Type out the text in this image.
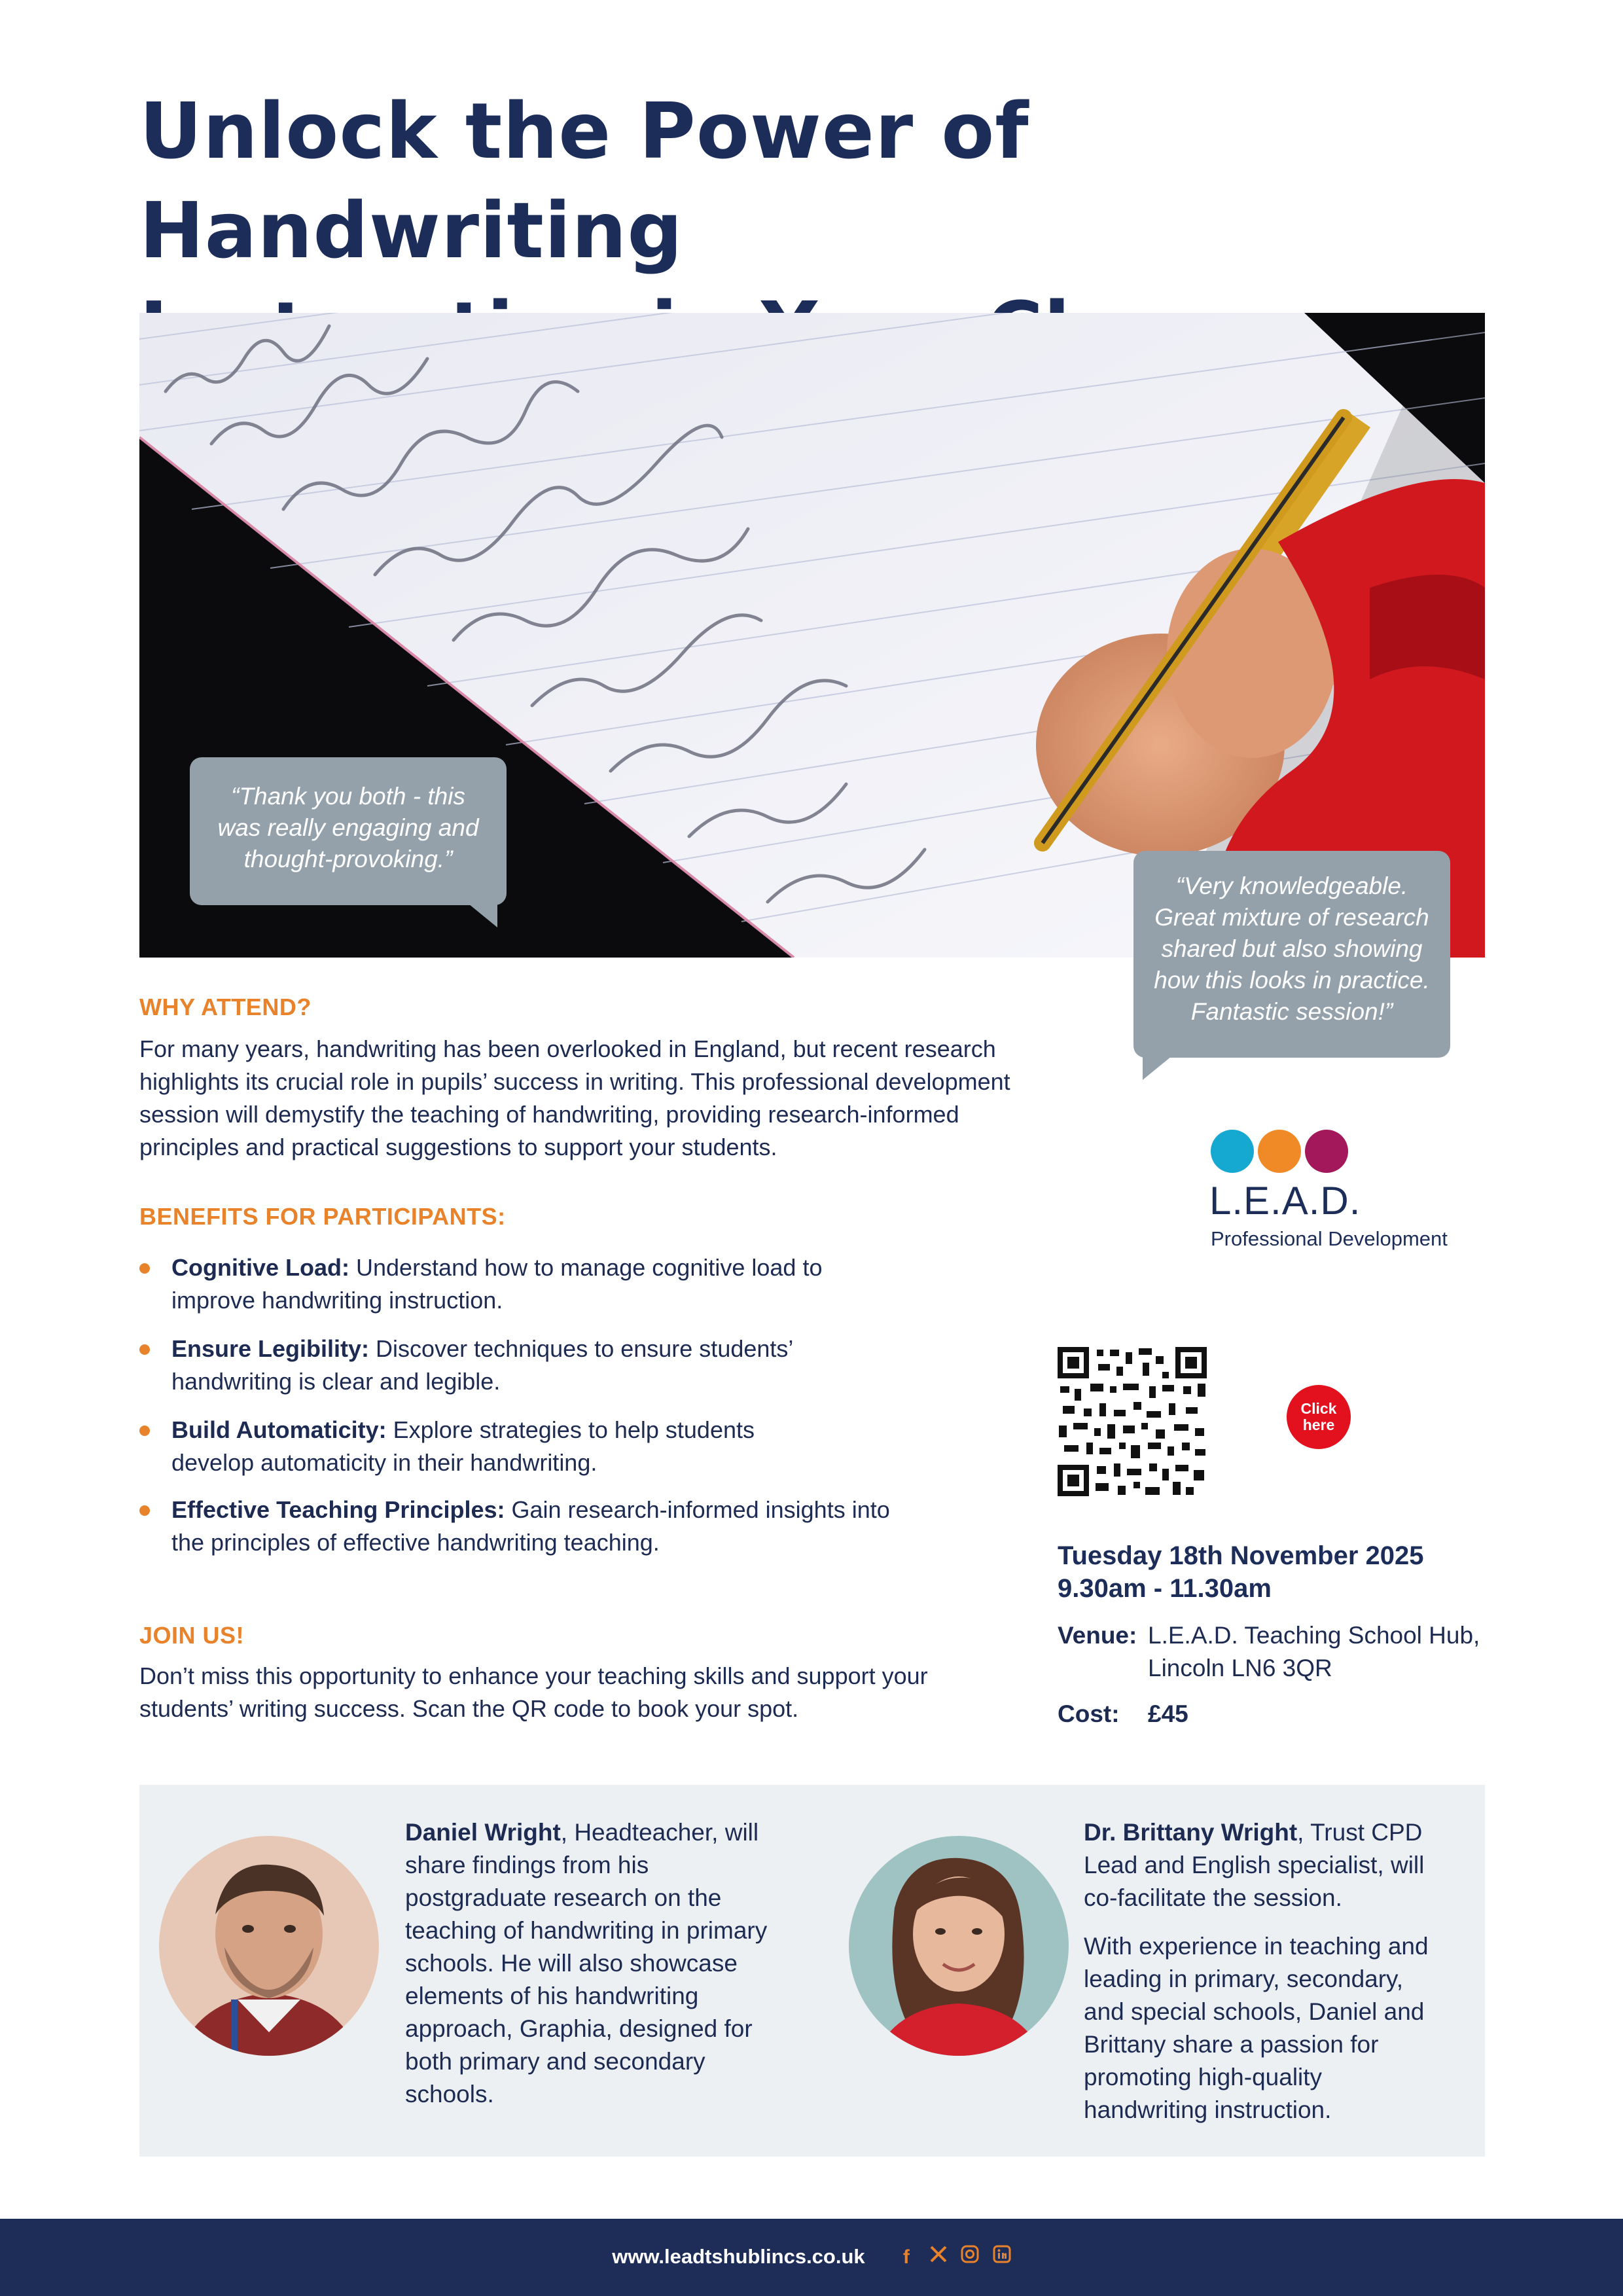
Unlock the Power of Handwriting

“Thank you both - this was really engaging and thought-provoking.”
“Very knowledgeable. Great mixture of research shared but also showing how this looks in practice. Fantastic session!”
WHY ATTEND?
For many years, handwriting has been overlooked in England, but recent research highlights its crucial role in pupils’ success in writing. This professional development session will demystify the teaching of handwriting, providing research-informed principles and practical suggestions to support your students.
BENEFITS FOR PARTICIPANTS:
Cognitive Load: Understand how to manage cognitive load to improve handwriting instruction.
Ensure Legibility: Discover techniques to ensure students’ handwriting is clear and legible.
Build Automaticity: Explore strategies to help students develop automaticity in their handwriting.
Effective Teaching Principles: Gain research-informed insights into the principles of effective handwriting teaching.
JOIN US!
Don’t miss this opportunity to enhance your teaching skills and support your students’ writing success. Scan the QR code to book your spot.
L.E.A.D.
Professional Development
Click
here
Tuesday 18th November 2025
9.30am - 11.30am
Venue: L.E.A.D. Teaching School Hub,
Lincoln LN6 3QR
Cost: £45
Daniel Wright, Headteacher, will share findings from his postgraduate research on the teaching of handwriting in primary schools. He will also showcase elements of his handwriting approach, Graphia, designed for both primary and secondary schools.
Dr. Brittany Wright, Trust CPD Lead and English specialist, will co-facilitate the session.
With experience in teaching and leading in primary, secondary, and special schools, Daniel and Brittany share a passion for promoting high-quality handwriting instruction.
www.leadtshublincs.co.uk f
